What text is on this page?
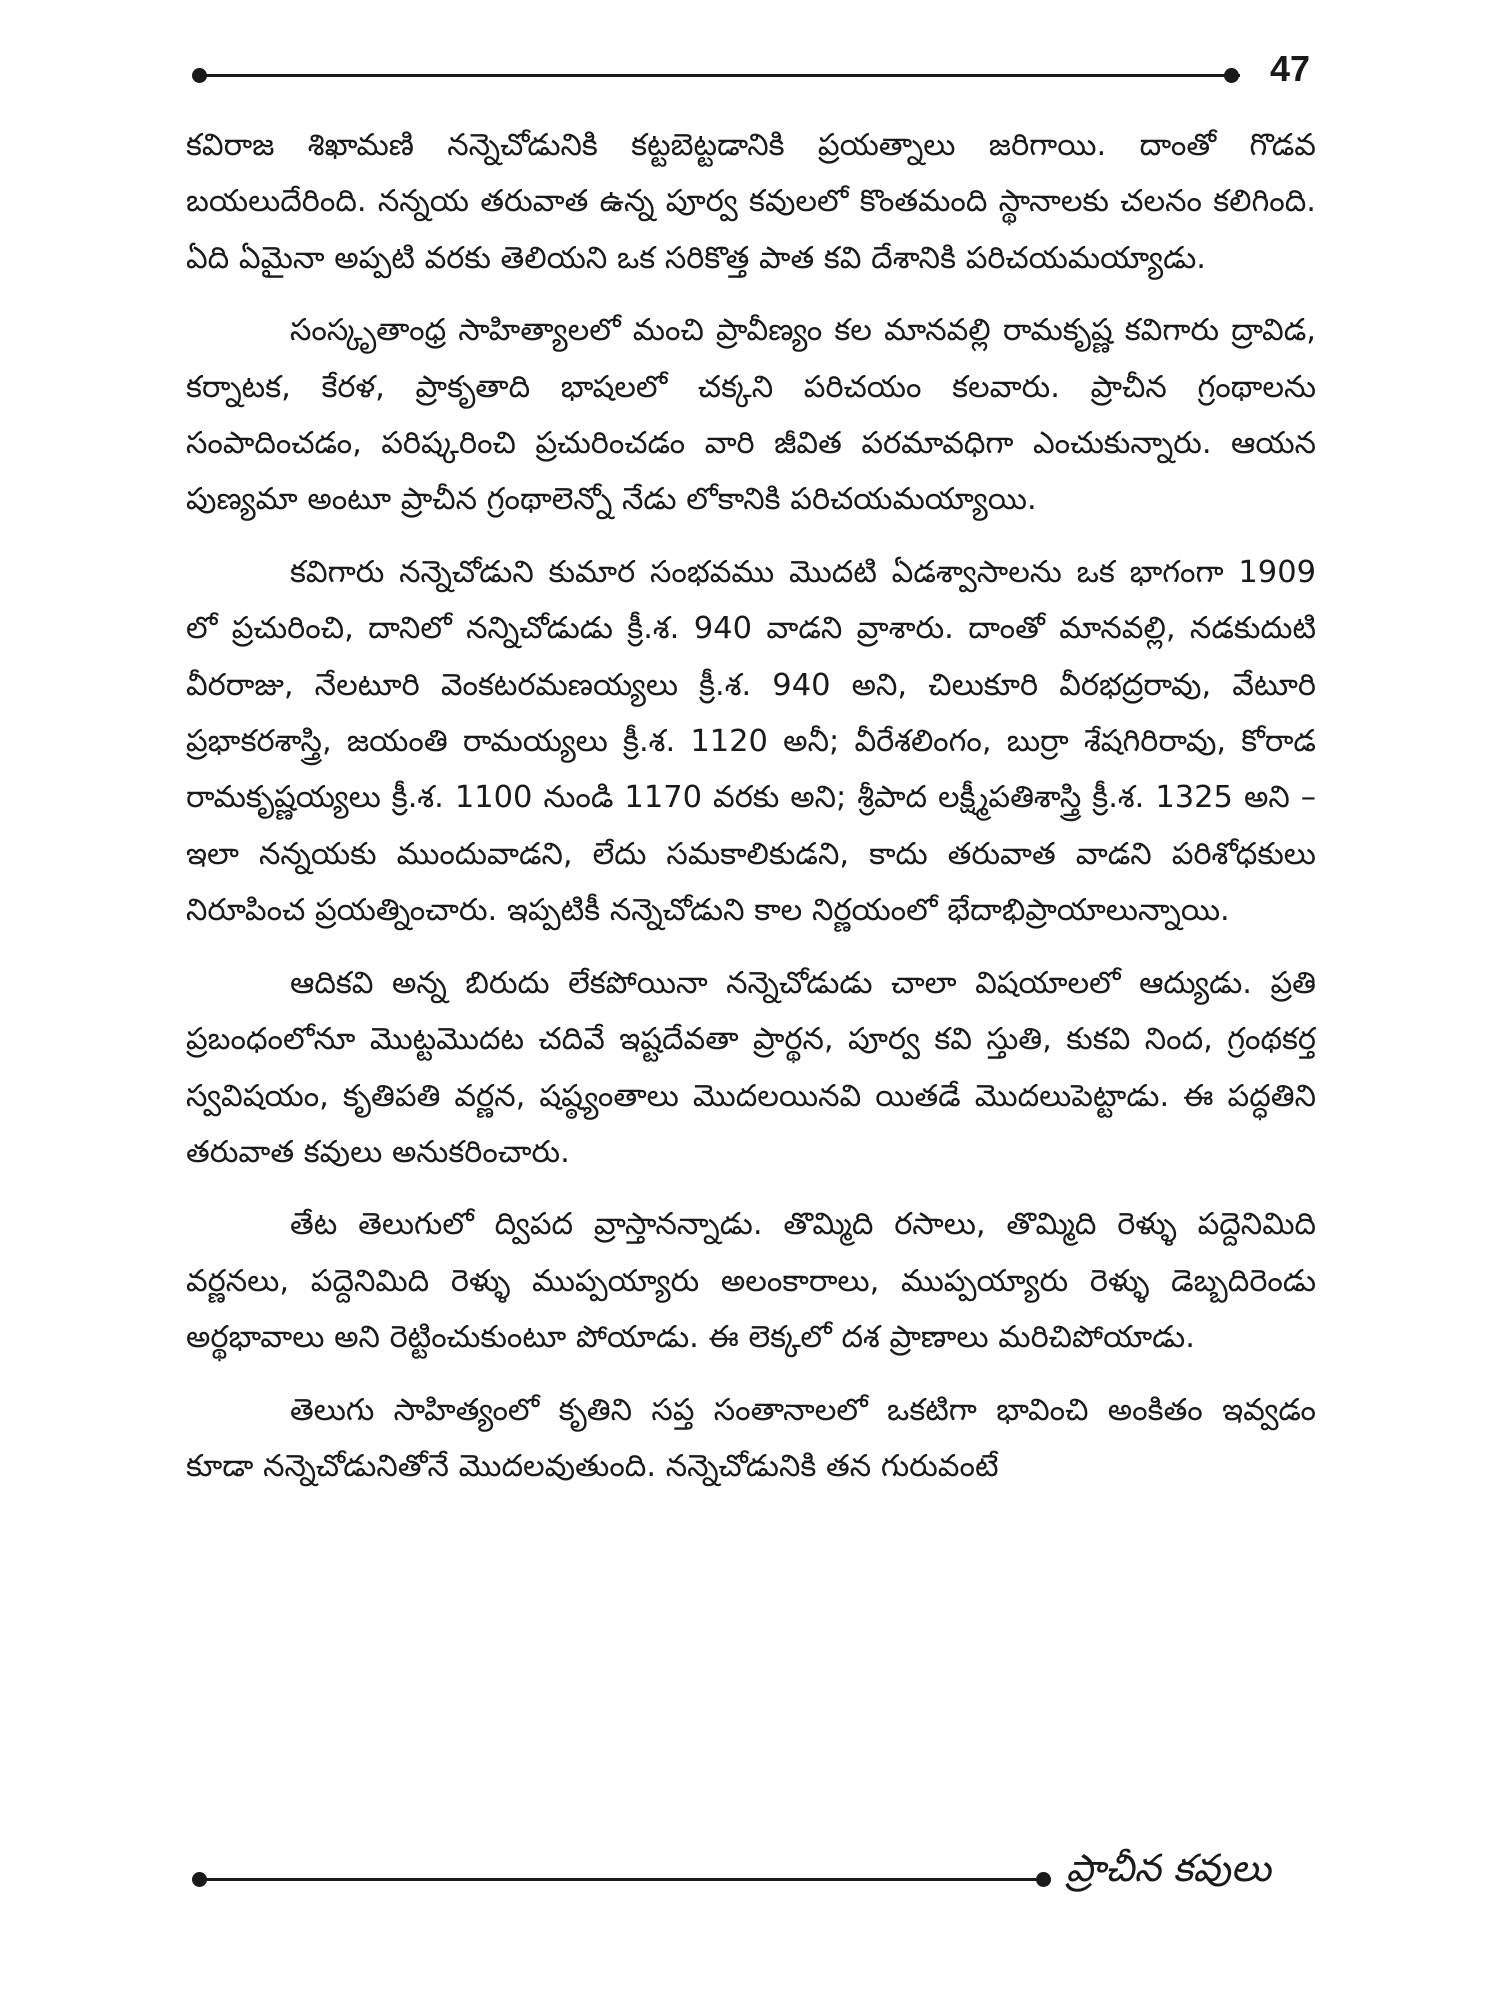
47

కవిరాజ శిఖామణి నన్నెచోడునికి కట్టబెట్టడానికి ప్రయత్నాలు జరిగాయి. దాంతో గొడవ బయలుదేరింది. నన్నయ తరువాత ఉన్న పూర్వ కవులలో కొంతమంది స్థానాలకు చలనం కలిగింది. ఏది ఏమైనా అప్పటి వరకు తెలియని ఒక సరికొత్త పాత కవి దేశానికి పరిచయమయ్యాడు.

సంస్కృతాంధ్ర సాహిత్యాలలో మంచి ప్రావీణ్యం కల మానవల్లి రామకృష్ణ కవిగారు ద్రావిడ, కర్నాటక, కేరళ, ప్రాకృతాది భాషలలో చక్కని పరిచయం కలవారు. ప్రాచీన గ్రంథాలను సంపాదించడం, పరిష్కరించి ప్రచురించడం వారి జీవిత పరమావధిగా ఎంచుకున్నారు. ఆయన పుణ్యమా అంటూ ప్రాచీన గ్రంథాలెన్నో నేడు లోకానికి పరిచయమయ్యాయి.

కవిగారు నన్నెచోడుని కుమార సంభవము మొదటి ఏడశ్వాసాలను ఒక భాగంగా 1909 లో ప్రచురించి, దానిలో నన్నిచోడుడు క్రీ.శ. 940 వాడని వ్రాశారు. దాంతో మానవల్లి, నడకుదుటి వీరరాజు, నేలటూరి వెంకటరమణయ్యలు క్రీ.శ. 940 అని, చిలుకూరి వీరభద్రరావు, వేటూరి ప్రభాకరశాస్త్రి, జయంతి రామయ్యలు క్రీ.శ. 1120 అనీ; వీరేశలింగం, బుర్రా శేషగిరిరావు, కోరాడ రామకృష్ణయ్యలు క్రీ.శ. 1100 నుండి 1170 వరకు అని; శ్రీపాద లక్ష్మీపతిశాస్త్రి క్రీ.శ. 1325 అని – ఇలా నన్నయకు ముందువాడని, లేదు సమకాలికుడని, కాదు తరువాత వాడని పరిశోధకులు నిరూపించ ప్రయత్నించారు. ఇప్పటికీ నన్నెచోడుని కాల నిర్ణయంలో భేదాభిప్రాయాలున్నాయి.

ఆదికవి అన్న బిరుదు లేకపోయినా నన్నెచోడుడు చాలా విషయాలలో ఆద్యుడు. ప్రతి ప్రబంధంలోనూ మొట్టమొదట చదివే ఇష్టదేవతా ప్రార్థన, పూర్వ కవి స్తుతి, కుకవి నింద, గ్రంథకర్త స్వవిషయం, కృతిపతి వర్ణన, షష్ఠ్యంతాలు మొదలయినవి యితడే మొదలుపెట్టాడు. ఈ పద్ధతిని తరువాత కవులు అనుకరించారు.

తేట తెలుగులో ద్విపద వ్రాస్తానన్నాడు. తొమ్మిది రసాలు, తొమ్మిది రెళ్ళు పద్దెనిమిది వర్ణనలు, పద్దెనిమిది రెళ్ళు ముప్పయ్యారు అలంకారాలు, ముప్పయ్యారు రెళ్ళు డెబ్బదిరెండు అర్థభావాలు అని రెట్టించుకుంటూ పోయాడు. ఈ లెక్కలో దశ ప్రాణాలు మరిచిపోయాడు.

తెలుగు సాహిత్యంలో కృతిని సప్త సంతానాలలో ఒకటిగా భావించి అంకితం ఇవ్వడం కూడా నన్నెచోడునితోనే మొదలవుతుంది. నన్నెచోడునికి తన గురువంటే

ప్రాచీన కవులు
